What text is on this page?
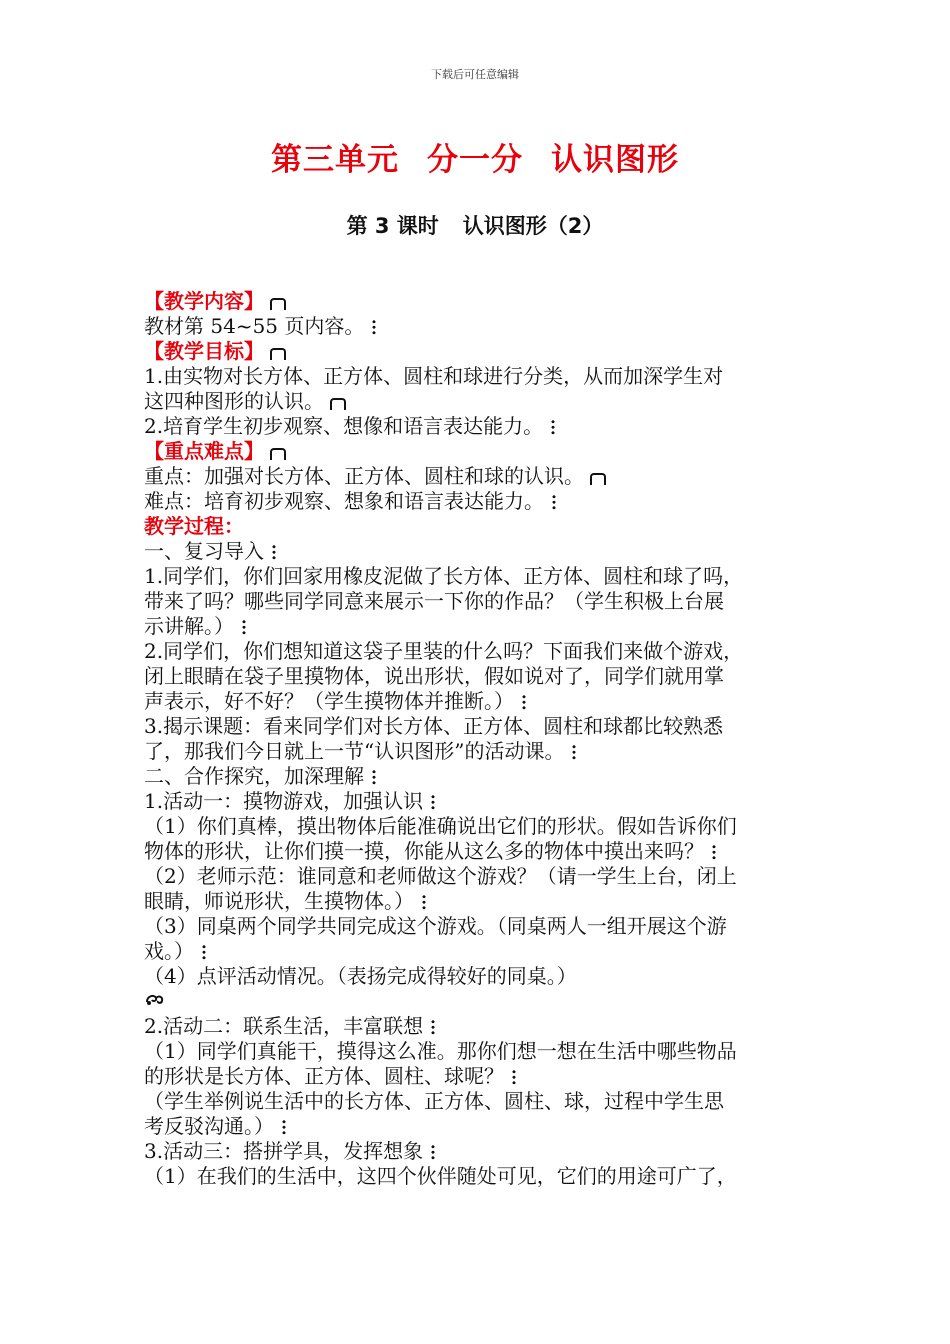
下载后可任意编辑
第三单元 分一分 认识图形
第 3 课时 认识图形（2）
【教学内容】
教材第 54~55 页内容。
【教学目标】
1.由实物对长方体、正方体、圆柱和球进行分类，从而加深学生对
这四种图形的认识。
2.培育学生初步观察、想像和语言表达能力。
【重点难点】
重点：加强对长方体、正方体、圆柱和球的认识。
难点：培育初步观察、想象和语言表达能力。
教学过程：
一、复习导入
1.同学们，你们回家用橡皮泥做了长方体、正方体、圆柱和球了吗，
带来了吗？哪些同学同意来展示一下你的作品？（学生积极上台展
示讲解。）
2.同学们，你们想知道这袋子里装的什么吗？下面我们来做个游戏，
闭上眼睛在袋子里摸物体，说出形状，假如说对了，同学们就用掌
声表示，好不好？（学生摸物体并推断。）
3.揭示课题：看来同学们对长方体、正方体、圆柱和球都比较熟悉
了，那我们今日就上一节“认识图形”的活动课。
二、合作探究，加深理解
1.活动一：摸物游戏，加强认识
（1）你们真棒，摸出物体后能准确说出它们的形状。假如告诉你们
物体的形状，让你们摸一摸，你能从这么多的物体中摸出来吗？
（2）老师示范：谁同意和老师做这个游戏？（请一学生上台，闭上
眼睛，师说形状，生摸物体。）
（3）同桌两个同学共同完成这个游戏。（同桌两人一组开展这个游
戏。）
（4）点评活动情况。（表扬完成得较好的同桌。）
2.活动二：联系生活，丰富联想
（1）同学们真能干，摸得这么准。那你们想一想在生活中哪些物品
的形状是长方体、正方体、圆柱、球呢？
（学生举例说生活中的长方体、正方体、圆柱、球，过程中学生思
考反驳沟通。）
3.活动三：搭拼学具，发挥想象
（1）在我们的生活中，这四个伙伴随处可见，它们的用途可广了，
